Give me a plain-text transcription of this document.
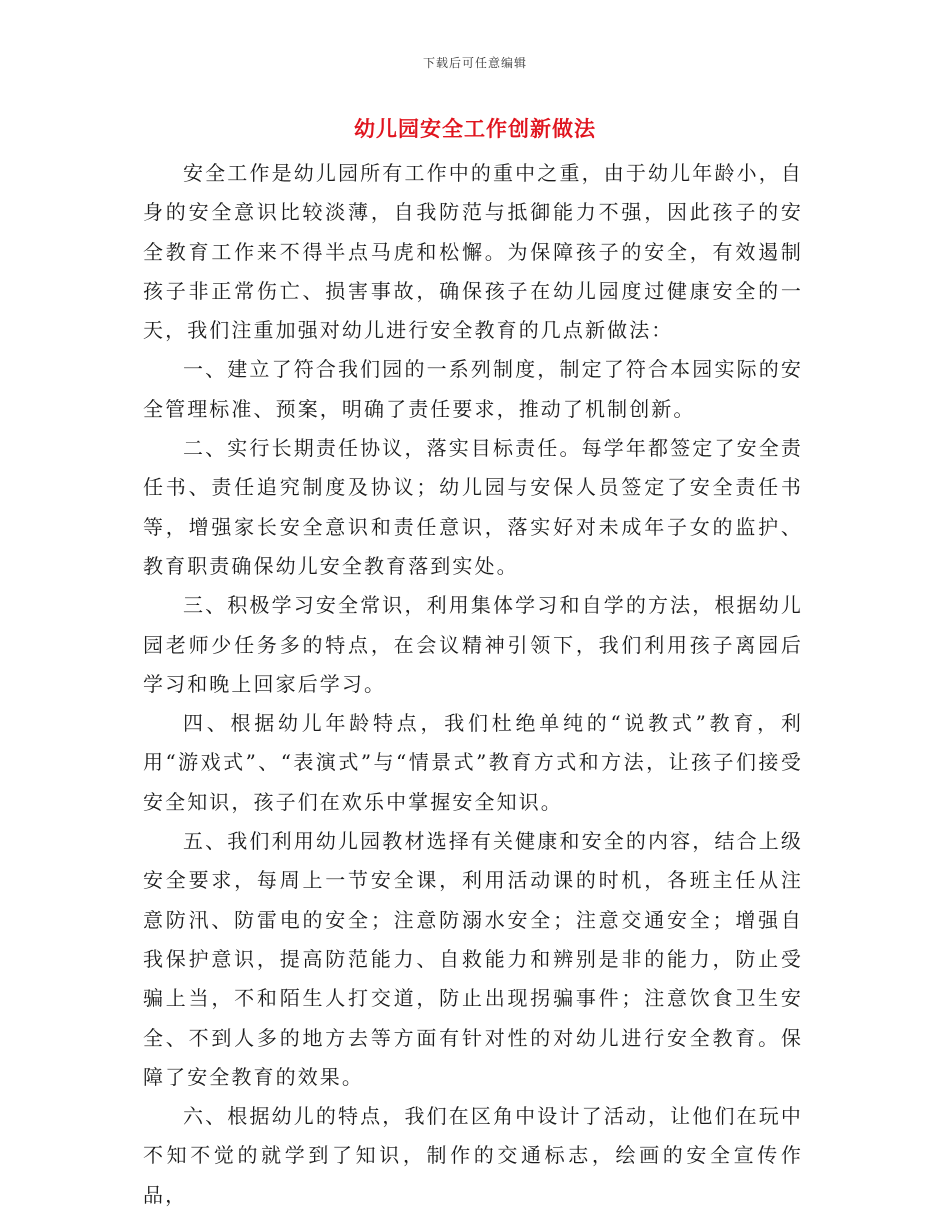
下载后可任意编辑
幼儿园安全工作创新做法

安全工作是幼儿园所有工作中的重中之重，由于幼儿年龄小，自身的安全意识比较淡薄，自我防范与抵御能力不强，因此孩子的安全教育工作来不得半点马虎和松懈。为保障孩子的安全，有效遏制孩子非正常伤亡、损害事故，确保孩子在幼儿园度过健康安全的一天，我们注重加强对幼儿进行安全教育的几点新做法：

一、建立了符合我们园的一系列制度，制定了符合本园实际的安全管理标准、预案，明确了责任要求，推动了机制创新。

二、实行长期责任协议，落实目标责任。每学年都签定了安全责任书、责任追究制度及协议；幼儿园与安保人员签定了安全责任书等，增强家长安全意识和责任意识，落实好对未成年子女的监护、教育职责确保幼儿安全教育落到实处。

三、积极学习安全常识，利用集体学习和自学的方法，根据幼儿园老师少任务多的特点，在会议精神引领下，我们利用孩子离园后学习和晚上回家后学习。

四、根据幼儿年龄特点，我们杜绝单纯的“说教式”教育，利用“游戏式”、“表演式”与“情景式”教育方式和方法，让孩子们接受安全知识，孩子们在欢乐中掌握安全知识。

五、我们利用幼儿园教材选择有关健康和安全的内容，结合上级安全要求，每周上一节安全课，利用活动课的时机，各班主任从注意防汛、防雷电的安全；注意防溺水安全；注意交通安全；增强自我保护意识，提高防范能力、自救能力和辨别是非的能力，防止受骗上当，不和陌生人打交道，防止出现拐骗事件；注意饮食卫生安全、不到人多的地方去等方面有针对性的对幼儿进行安全教育。保障了安全教育的效果。

六、根据幼儿的特点，我们在区角中设计了活动，让他们在玩中不知不觉的就学到了知识，制作的交通标志，绘画的安全宣传作品，
